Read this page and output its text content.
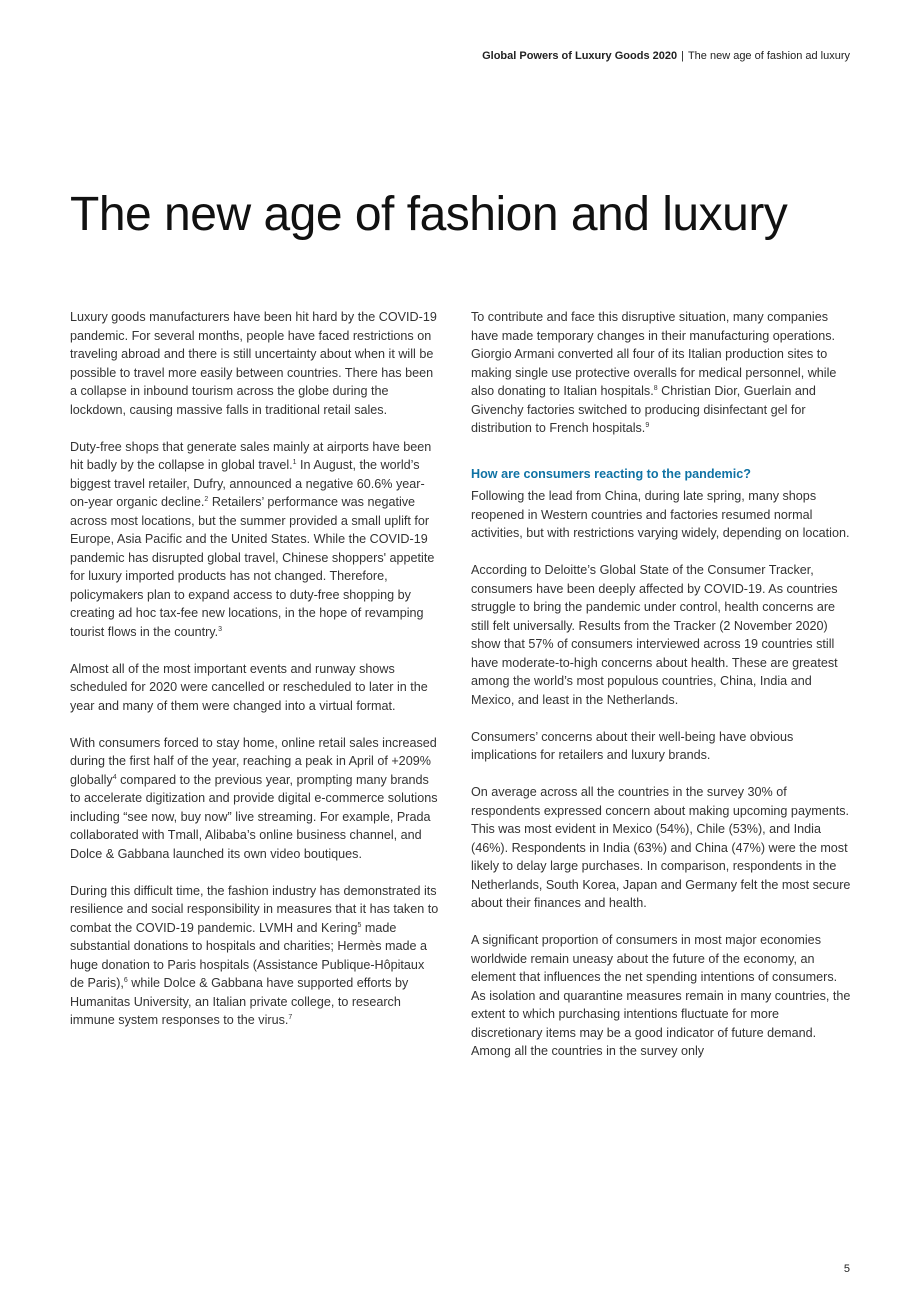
Global Powers of Luxury Goods 2020 | The new age of fashion ad luxury
The new age of fashion and luxury

Luxury goods manufacturers have been hit hard by the COVID-19 pandemic. For several months, people have faced restrictions on traveling abroad and there is still uncertainty about when it will be possible to travel more easily between countries. There has been a collapse in inbound tourism across the globe during the lockdown, causing massive falls in traditional retail sales.

Duty-free shops that generate sales mainly at airports have been hit badly by the collapse in global travel.$^1$ In August, the world’s biggest travel retailer, Dufry, announced a negative 60.6% year-on-year organic decline.$^2$ Retailers’ performance was negative across most locations, but the summer provided a small uplift for Europe, Asia Pacific and the United States. While the COVID-19 pandemic has disrupted global travel, Chinese shoppers' appetite for luxury imported products has not changed. Therefore, policymakers plan to expand access to duty-free shopping by creating ad hoc tax-fee new locations, in the hope of revamping tourist flows in the country.$^3$

Almost all of the most important events and runway shows scheduled for 2020 were cancelled or rescheduled to later in the year and many of them were changed into a virtual format.

With consumers forced to stay home, online retail sales increased during the first half of the year, reaching a peak in April of +209% globally$^4$ compared to the previous year, prompting many brands to accelerate digitization and provide digital e-commerce solutions including “see now, buy now” live streaming. For example, Prada collaborated with Tmall, Alibaba’s online business channel, and Dolce & Gabbana launched its own video boutiques.

During this difficult time, the fashion industry has demonstrated its resilience and social responsibility in measures that it has taken to combat the COVID-19 pandemic. LVMH and Kering$^5$ made substantial donations to hospitals and charities; Hermès made a huge donation to Paris hospitals (Assistance Publique-Hôpitaux de Paris),$^6$ while Dolce & Gabbana have supported efforts by Humanitas University, an Italian private college, to research immune system responses to the virus.$^7$

To contribute and face this disruptive situation, many companies have made temporary changes in their manufacturing operations. Giorgio Armani converted all four of its Italian production sites to making single use protective overalls for medical personnel, while also donating to Italian hospitals.$^8$ Christian Dior, Guerlain and Givenchy factories switched to producing disinfectant gel for distribution to French hospitals.$^9$

How are consumers reacting to the pandemic?

Following the lead from China, during late spring, many shops reopened in Western countries and factories resumed normal activities, but with restrictions varying widely, depending on location.

According to Deloitte’s Global State of the Consumer Tracker, consumers have been deeply affected by COVID-19. As countries struggle to bring the pandemic under control, health concerns are still felt universally. Results from the Tracker (2 November 2020) show that 57% of consumers interviewed across 19 countries still have moderate-to-high concerns about health. These are greatest among the world’s most populous countries, China, India and Mexico, and least in the Netherlands.

Consumers’ concerns about their well-being have obvious implications for retailers and luxury brands.

On average across all the countries in the survey 30% of respondents expressed concern about making upcoming payments. This was most evident in Mexico (54%), Chile (53%), and India (46%). Respondents in India (63%) and China (47%) were the most likely to delay large purchases. In comparison, respondents in the Netherlands, South Korea, Japan and Germany felt the most secure about their finances and health.

A significant proportion of consumers in most major economies worldwide remain uneasy about the future of the economy, an element that influences the net spending intentions of consumers. As isolation and quarantine measures remain in many countries, the extent to which purchasing intentions fluctuate for more discretionary items may be a good indicator of future demand. Among all the countries in the survey only

5
